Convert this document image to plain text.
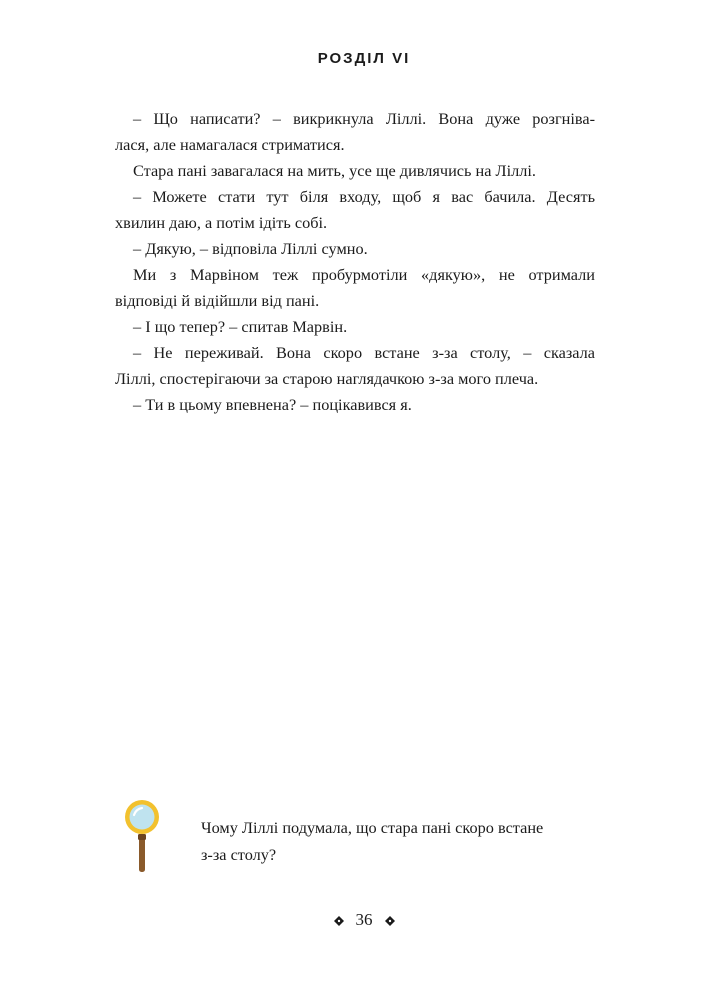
РОЗДІЛ VI
– Що написати? – викрикнула Ліллі. Вона дуже розгніва-
лася, але намагалася стриматися.
Стара пані завагалася на мить, усе ще дивлячись на Ліллі.
– Можете стати тут біля входу, щоб я вас бачила. Десять
хвилин даю, а потім ідіть собі.
– Дякую, – відповіла Ліллі сумно.
Ми з Марвіном теж пробурмотіли «дякую», не отримали
відповіді й відійшли від пані.
– І що тепер? – спитав Марвін.
– Не переживай. Вона скоро встане з-за столу, – сказала
Ліллі, спостерігаючи за старою наглядачкою з-за мого плеча.
– Ти в цьому впевнена? – поцікавився я.
Чому Ліллі подумала, що стара пані скоро встане
з-за столу?
36
